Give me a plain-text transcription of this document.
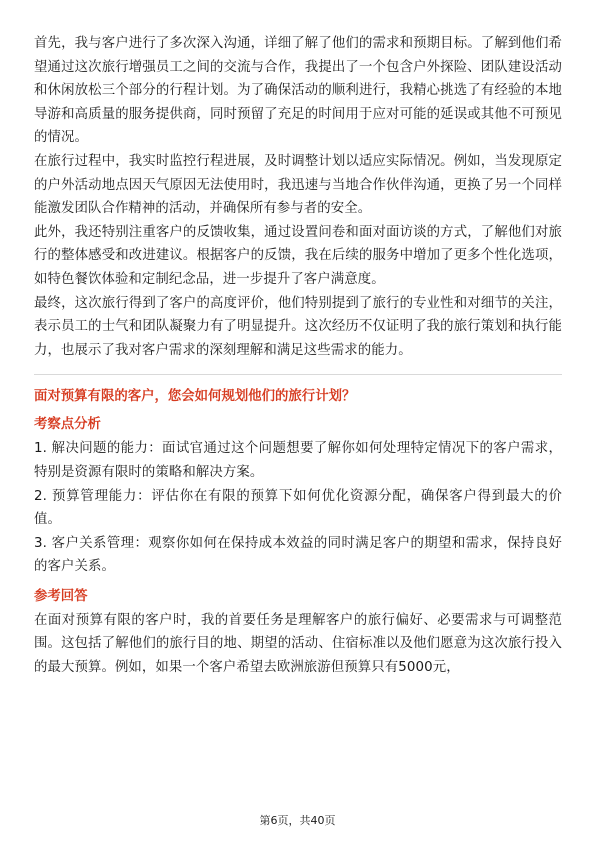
首先，我与客户进行了多次深入沟通，详细了解了他们的需求和预期目标。了解到他们希望通过这次旅行增强员工之间的交流与合作，我提出了一个包含户外探险、团队建设活动和休闲放松三个部分的行程计划。为了确保活动的顺利进行，我精心挑选了有经验的本地导游和高质量的服务提供商，同时预留了充足的时间用于应对可能的延误或其他不可预见的情况。

在旅行过程中，我实时监控行程进展，及时调整计划以适应实际情况。例如，当发现原定的户外活动地点因天气原因无法使用时，我迅速与当地合作伙伴沟通，更换了另一个同样能激发团队合作精神的活动，并确保所有参与者的安全。

此外，我还特别注重客户的反馈收集，通过设置问卷和面对面访谈的方式，了解他们对旅行的整体感受和改进建议。根据客户的反馈，我在后续的服务中增加了更多个性化选项，如特色餐饮体验和定制纪念品，进一步提升了客户满意度。

最终，这次旅行得到了客户的高度评价，他们特别提到了旅行的专业性和对细节的关注，表示员工的士气和团队凝聚力有了明显提升。这次经历不仅证明了我的旅行策划和执行能力，也展示了我对客户需求的深刻理解和满足这些需求的能力。

面对预算有限的客户，您会如何规划他们的旅行计划？

考察点分析

1. 解决问题的能力：面试官通过这个问题想要了解你如何处理特定情况下的客户需求，特别是资源有限时的策略和解决方案。

2. 预算管理能力：评估你在有限的预算下如何优化资源分配，确保客户得到最大的价值。

3. 客户关系管理：观察你如何在保持成本效益的同时满足客户的期望和需求，保持良好的客户关系。

参考回答

在面对预算有限的客户时，我的首要任务是理解客户的旅行偏好、必要需求与可调整范围。这包括了解他们的旅行目的地、期望的活动、住宿标准以及他们愿意为这次旅行投入的最大预算。例如，如果一个客户希望去欧洲旅游但预算只有5000元，

第6页，共40页
